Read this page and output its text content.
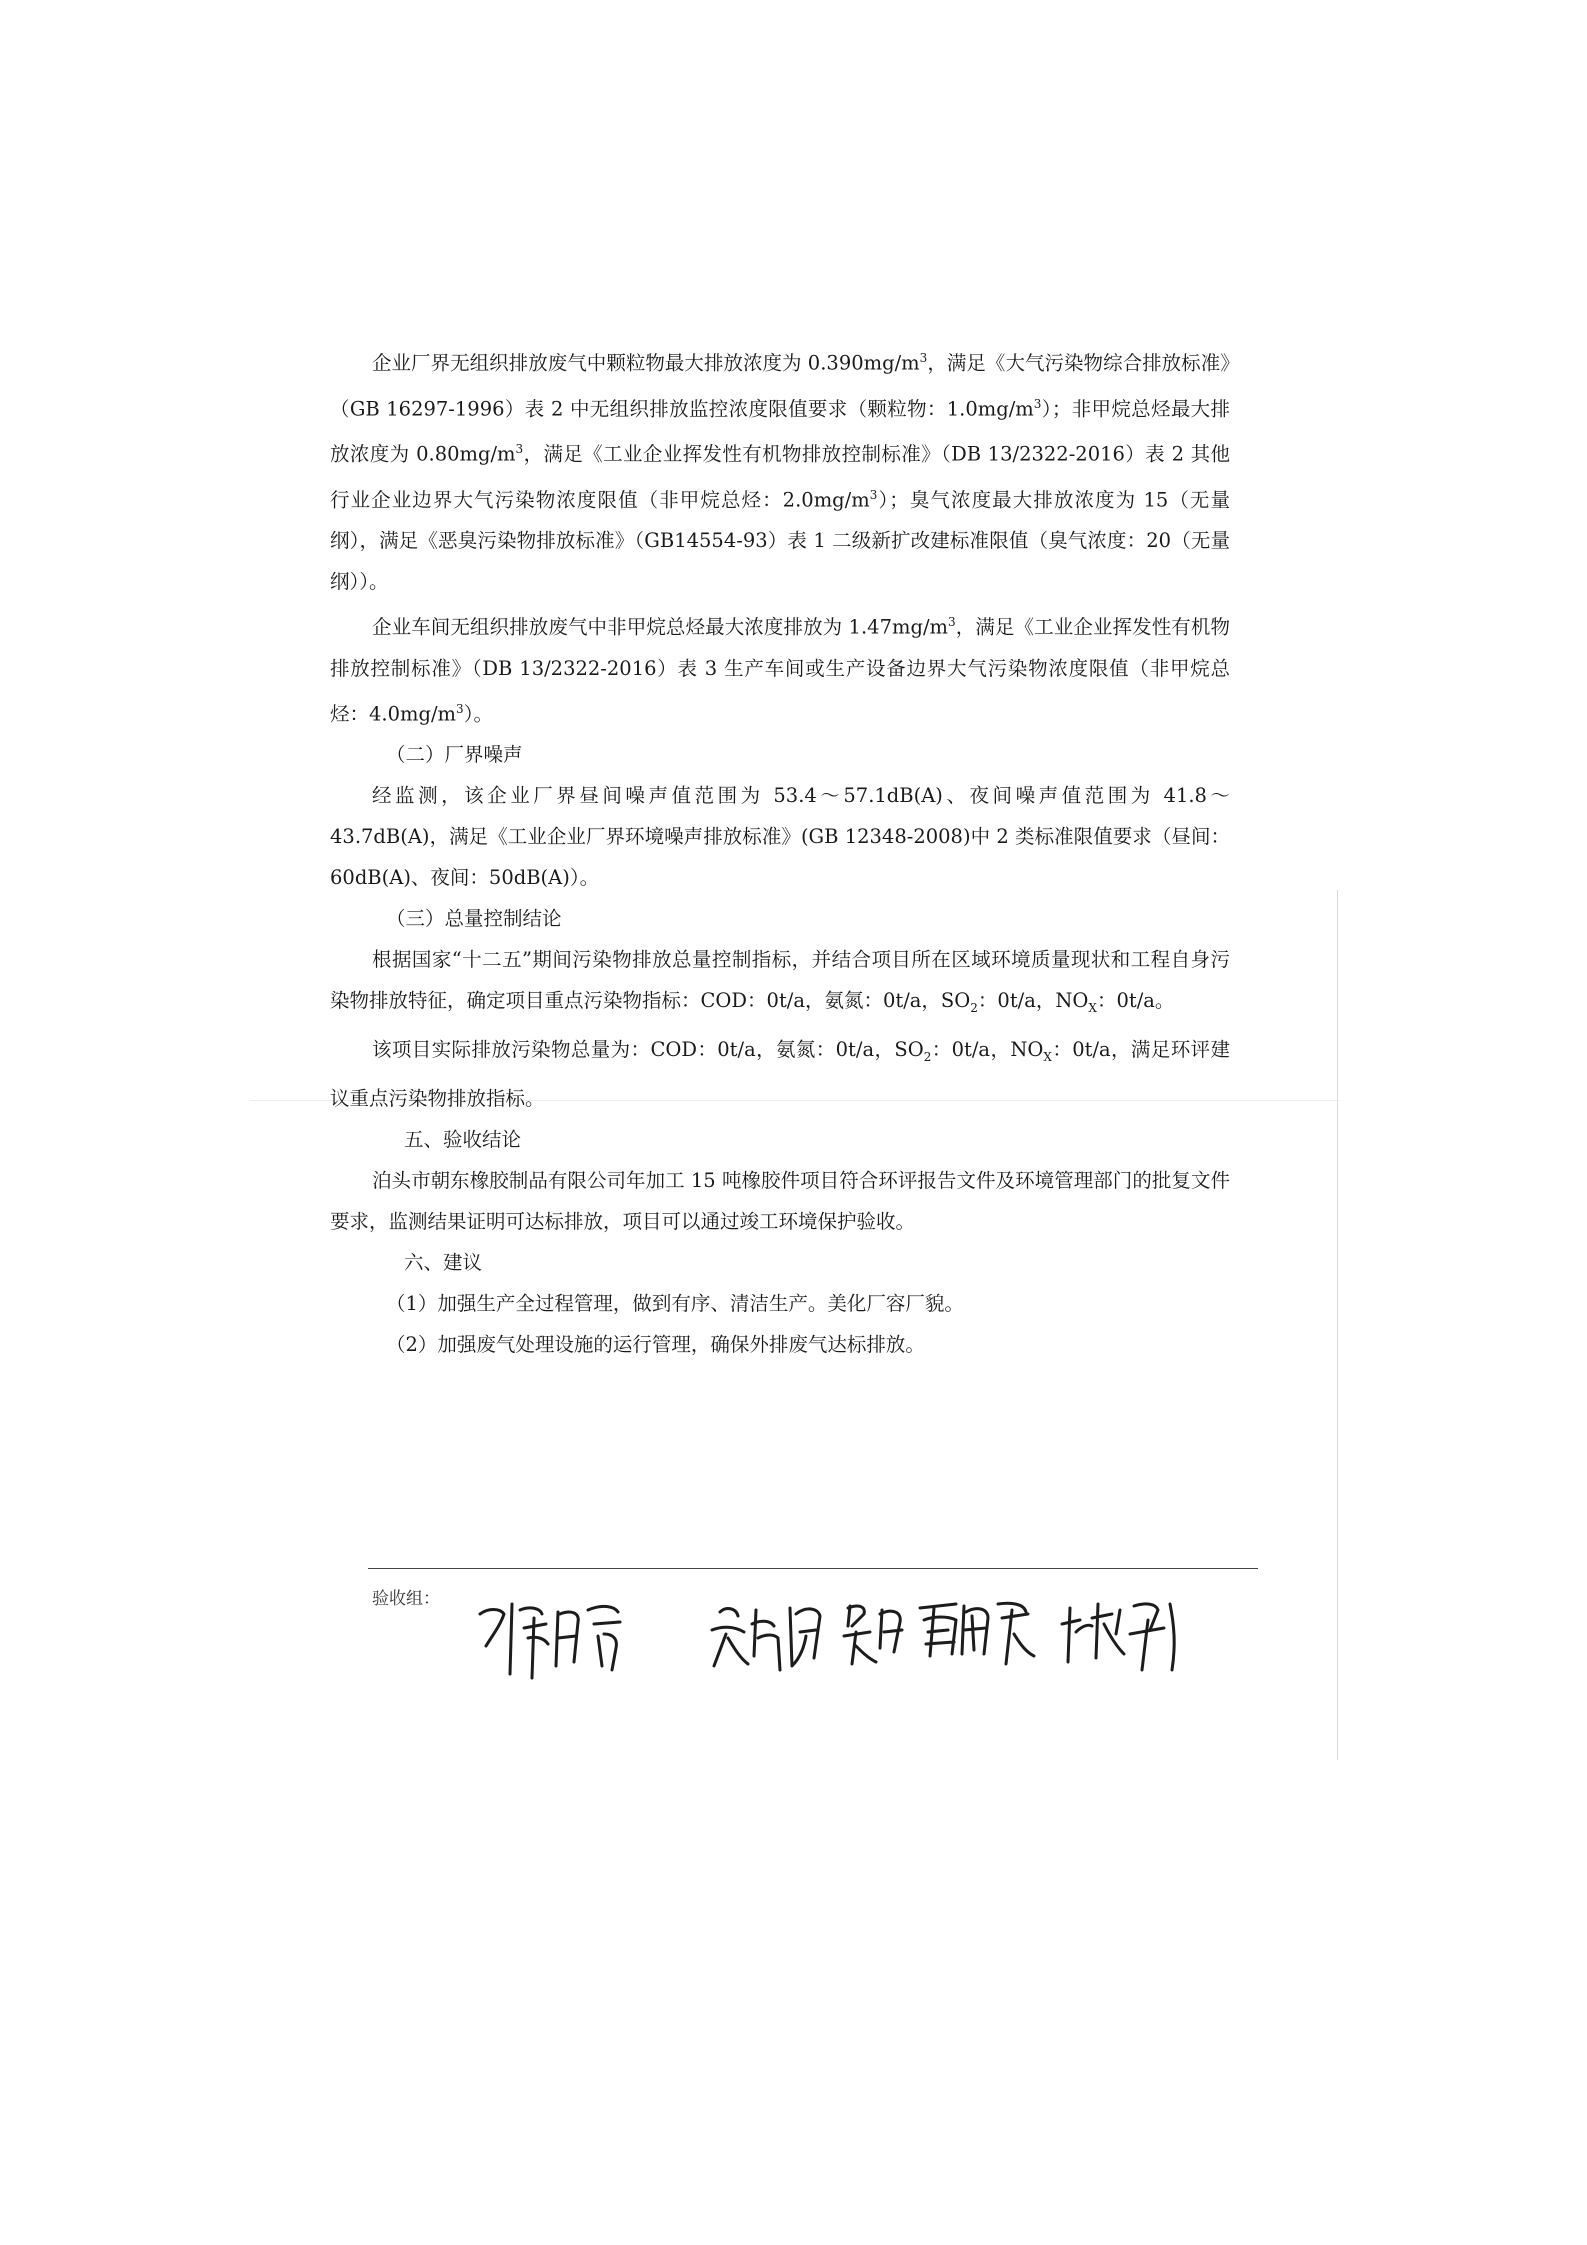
企业厂界无组织排放废气中颗粒物最大排放浓度为 $0.390mg/m^3$，满足《大气污染物综合排放标准》（GB 16297-1996）表 2 中无组织排放监控浓度限值要求（颗粒物：$1.0mg/m^3$）；非甲烷总烃最大排放浓度为 $0.80mg/m^3$，满足《工业企业挥发性有机物排放控制标准》（DB 13/2322-2016）表 2 其他行业企业边界大气污染物浓度限值（非甲烷总烃：$2.0mg/m^3$）；臭气浓度最大排放浓度为 15（无量纲），满足《恶臭污染物排放标准》（GB14554-93）表 1 二级新扩改建标准限值（臭气浓度：20（无量纲））。

企业车间无组织排放废气中非甲烷总烃最大浓度排放为 $1.47mg/m^3$，满足《工业企业挥发性有机物排放控制标准》（DB 13/2322-2016）表 3 生产车间或生产设备边界大气污染物浓度限值（非甲烷总烃：$4.0mg/m^3$）。

（二）厂界噪声

经监测，该企业厂界昼间噪声值范围为 53.4～57.1dB(A)、夜间噪声值范围为 41.8～43.7dB(A)，满足《工业企业厂界环境噪声排放标准》(GB 12348-2008)中 2 类标准限值要求（昼间：60dB(A)、夜间：50dB(A)）。

（三）总量控制结论

根据国家“十二五”期间污染物排放总量控制指标，并结合项目所在区域环境质量现状和工程自身污染物排放特征，确定项目重点污染物指标：COD：0t/a，氨氮：0t/a，$SO_2$：0t/a，$NO_X$：0t/a。

该项目实际排放污染物总量为：COD：0t/a，氨氮：0t/a，$SO_2$：0t/a，$NO_X$：0t/a，满足环评建议重点污染物排放指标。

五、验收结论

泊头市朝东橡胶制品有限公司年加工 15 吨橡胶件项目符合环评报告文件及环境管理部门的批复文件要求，监测结果证明可达标排放，项目可以通过竣工环境保护验收。

六、建议

（1）加强生产全过程管理，做到有序、清洁生产。美化厂容厂貌。

（2）加强废气处理设施的运行管理，确保外排废气达标排放。

验收组：
